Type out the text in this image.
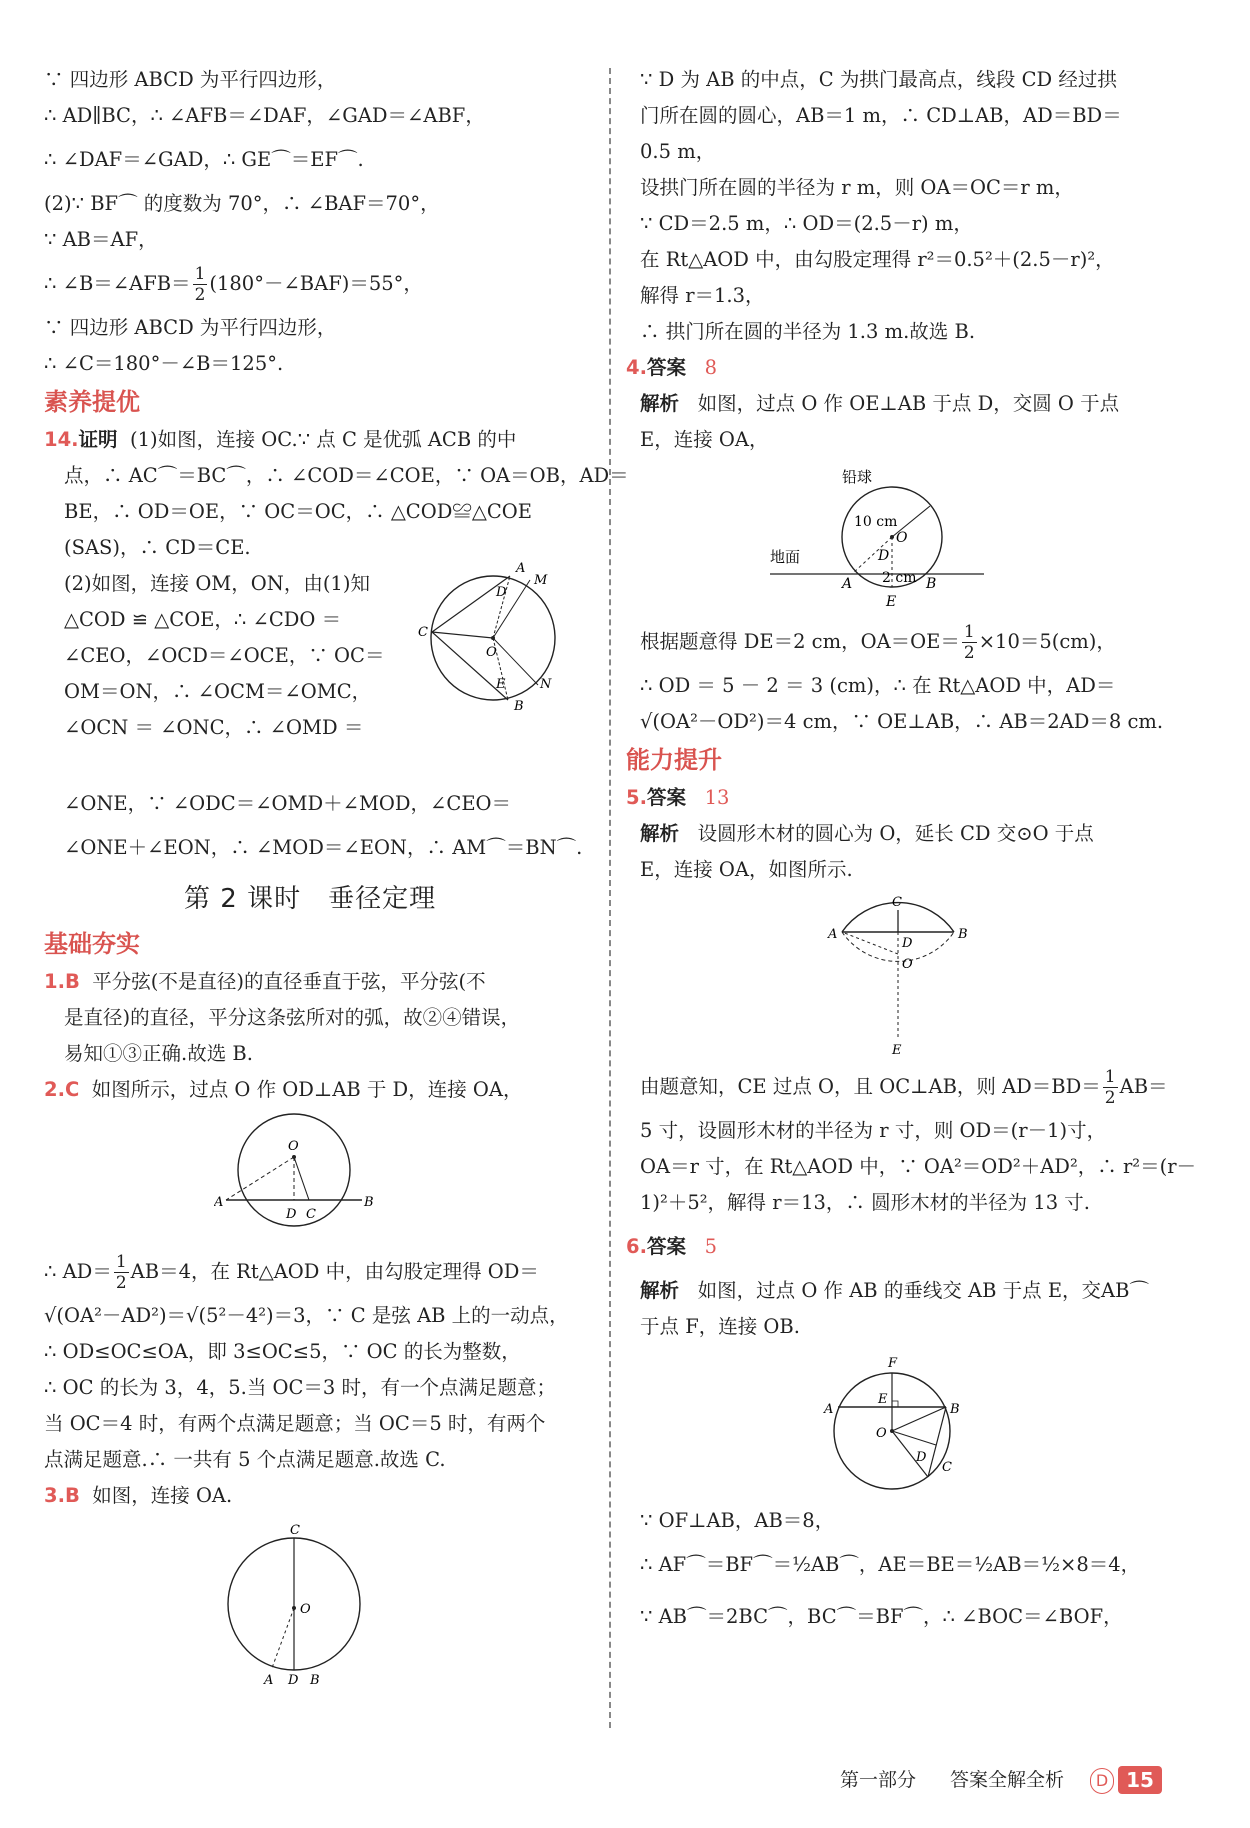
∵ 四边形 ABCD 为平行四边形，
∴ AD∥BC，∴ ∠AFB＝∠DAF，∠GAD＝∠ABF，
∴ ∠DAF＝∠GAD，∴ GE⌒＝EF⌒.
(2)∵ BF⌒ 的度数为 70°，∴ ∠BAF＝70°，
∵ AB＝AF，
∴ ∠B＝∠AFB＝ $\frac{1}{2}$ (180°－∠BAF)＝55°，
∵ 四边形 ABCD 为平行四边形，
∴ ∠C＝180°－∠B＝125°.
素养提优
14.证明 (1)如图，连接 OC.∵ 点 C 是优弧 ACB 的中
点，∴ AC⌒＝BC⌒，∴ ∠COD＝∠COE，∵ OA＝OB，AD＝
BE，∴ OD＝OE，∵ OC＝OC，∴ △COD≌△COE
(SAS)，∴ CD＝CE.
(2)如图，连接 OM，ON，由(1)知
△COD ≌ △COE，∴ ∠CDO ＝
∠CEO，∠OCD＝∠OCE，∵ OC＝
OM＝ON，∴ ∠OCM＝∠OMC，
∠OCN ＝ ∠ONC，∴ ∠OMD ＝
A
M
D
C
O
E	N
B
∠ONE，∵ ∠ODC＝∠OMD＋∠MOD，∠CEO＝
∠ONE＋∠EON，∴ ∠MOD＝∠EON，∴ AM⌒＝BN⌒.
第 2 课时　垂径定理
基础夯实
1.B 平分弦(不是直径)的直径垂直于弦，平分弦(不
是直径)的直径，平分这条弦所对的弧，故②④错误，
易知①③正确.故选 B.
2.C 如图所示，过点 O 作 OD⊥AB 于 D，连接 OA，
O
A	B
D C
∴ $AD= \frac{1}{2} AB=4$，在 Rt△AOD 中，由勾股定理得 OD＝
√(OA²－AD²)＝√(5²－4²)＝3，∵ C 是弦 AB 上的一动点，
∴ OD≤OC≤OA，即 3≤OC≤5，∵ OC 的长为整数，
∴ OC 的长为 3，4，5.当 OC＝3 时，有一个点满足题意；
当 OC＝4 时，有两个点满足题意；当 OC＝5 时，有两个
点满足题意.∴ 一共有 5 个点满足题意.故选 C.
3.B 如图，连接 OA.
C
O
A D B
∵ D 为 AB 的中点，C 为拱门最高点，线段 CD 经过拱
门所在圆的圆心，AB＝1 m，∴ CD⊥AB，AD＝BD＝
0.5 m，
设拱门所在圆的半径为 r m，则 OA＝OC＝r m，
∵ CD＝2.5 m，∴ OD＝(2.5－r) m，
在 Rt△AOD 中，由勾股定理得 r²＝0.5²＋(2.5－r)²，
解得 r＝1.3，
∴ 拱门所在圆的半径为 1.3 m.故选 B.
4.答案 8
解析 如图，过点 O 作 OE⊥AB 于点 D，交圆 O 于点
E，连接 OA，
铅球
地面
10 cm
O
D
2 cm
A	B
E
根据题意得 DE＝2 cm，$OA=OE= \frac{1}{2} \times 10=5(cm)$，
∴ OD ＝ 5 － 2 ＝ 3 (cm)，∴ 在 Rt△AOD 中，AD＝
√(OA²－OD²)＝4 cm，∵ OE⊥AB，∴ AB＝2AD＝8 cm.
能力提升
5.答案 13
解析 设圆形木材的圆心为 O，延长 CD 交⊙O 于点
E，连接 OA，如图所示.
C
A	B
D
O
E
由题意知，CE 过点 O，且 OC⊥AB，则 $AD=BD= \frac{1}{2} AB=$
5 寸，设圆形木材的半径为 r 寸，则 OD＝(r－1)寸，
OA＝r 寸，在 Rt△AOD 中，∵ OA²＝OD²＋AD²，∴ r²＝(r－
1)²＋5²，解得 r＝13，∴ 圆形木材的半径为 13 寸.
6.答案 5
解析 如图，过点 O 作 AB 的垂线交 AB 于点 E，交AB⌒
于点 F，连接 OB.
F
A	B
E
O
D
C
∵ OF⊥AB，AB＝8，
∴ AF⌒＝BF⌒＝½AB⌒，AE＝BE＝½AB＝½×8＝4，
∵ AB⌒＝2BC⌒，BC⌒＝BF⌒，∴ ∠BOC＝∠BOF，
第一部分 答案全解全析	D 15
